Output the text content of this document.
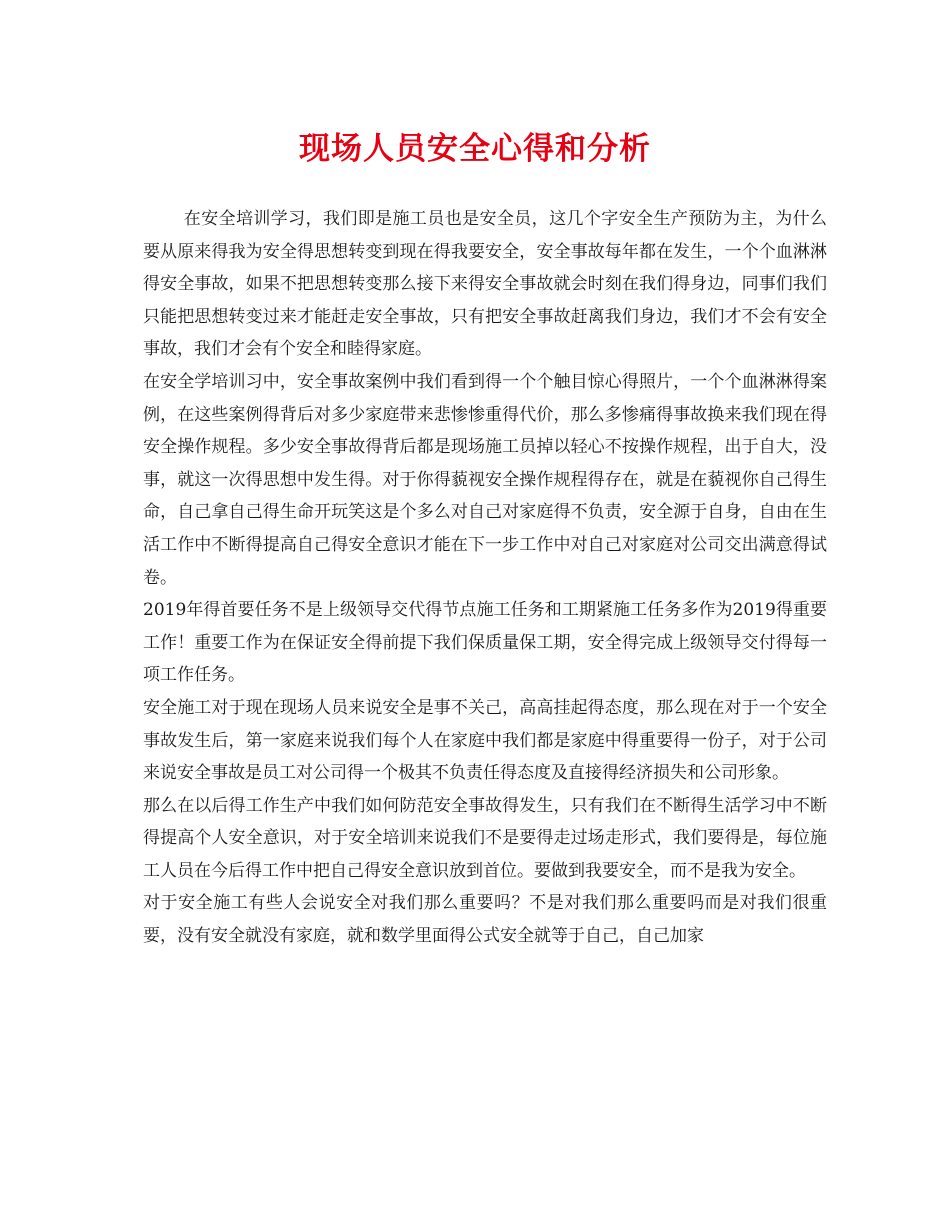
现场人员安全心得和分析

在安全培训学习，我们即是施工员也是安全员，这几个字安全生产预防为主，为什么要从原来得我为安全得思想转变到现在得我要安全，安全事故每年都在发生，一个个血淋淋得安全事故，如果不把思想转变那么接下来得安全事故就会时刻在我们得身边，同事们我们只能把思想转变过来才能赶走安全事故，只有把安全事故赶离我们身边，我们才不会有安全事故，我们才会有个安全和睦得家庭。

在安全学培训习中，安全事故案例中我们看到得一个个触目惊心得照片，一个个血淋淋得案例，在这些案例得背后对多少家庭带来悲惨惨重得代价，那么多惨痛得事故换来我们现在得安全操作规程。多少安全事故得背后都是现场施工员掉以轻心不按操作规程，出于自大，没事，就这一次得思想中发生得。对于你得藐视安全操作规程得存在，就是在藐视你自己得生命，自己拿自己得生命开玩笑这是个多么对自己对家庭得不负责，安全源于自身，自由在生活工作中不断得提高自己得安全意识才能在下一步工作中对自己对家庭对公司交出满意得试卷。

2019年得首要任务不是上级领导交代得节点施工任务和工期紧施工任务多作为2019得重要工作！重要工作为在保证安全得前提下我们保质量保工期，安全得完成上级领导交付得每一项工作任务。

安全施工对于现在现场人员来说安全是事不关己，高高挂起得态度，那么现在对于一个安全事故发生后，第一家庭来说我们每个人在家庭中我们都是家庭中得重要得一份子，对于公司来说安全事故是员工对公司得一个极其不负责任得态度及直接得经济损失和公司形象。

那么在以后得工作生产中我们如何防范安全事故得发生，只有我们在不断得生活学习中不断得提高个人安全意识，对于安全培训来说我们不是要得走过场走形式，我们要得是，每位施工人员在今后得工作中把自己得安全意识放到首位。要做到我要安全，而不是我为安全。

对于安全施工有些人会说安全对我们那么重要吗？不是对我们那么重要吗而是对我们很重要，没有安全就没有家庭，就和数学里面得公式安全就等于自己，自己加家
